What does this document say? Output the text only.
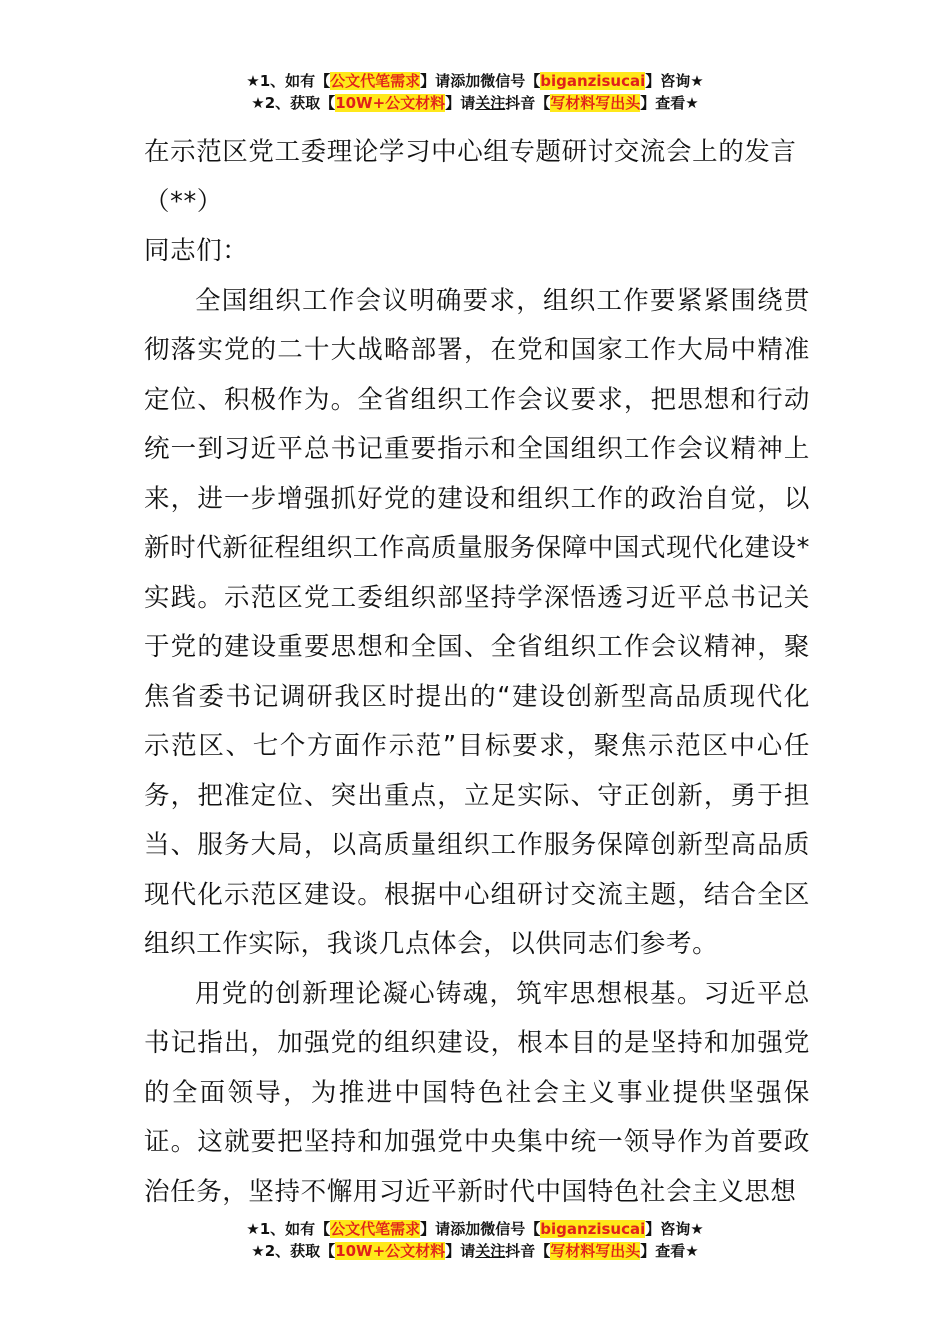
★1、如有【公文代笔需求】请添加微信号【biganzisucai】咨询★
★2、获取【10W+公文材料】请关注抖音【写材料写出头】查看★

在示范区党工委理论学习中心组专题研讨交流会上的发言

（**）

同志们：

全国组织工作会议明确要求，组织工作要紧紧围绕贯彻落实党的二十大战略部署，在党和国家工作大局中精准定位、积极作为。全省组织工作会议要求，把思想和行动统一到习近平总书记重要指示和全国组织工作会议精神上来，进一步增强抓好党的建设和组织工作的政治自觉，以新时代新征程组织工作高质量服务保障中国式现代化建设*实践。示范区党工委组织部坚持学深悟透习近平总书记关于党的建设重要思想和全国、全省组织工作会议精神，聚焦省委书记调研我区时提出的“建设创新型高品质现代化示范区、七个方面作示范”目标要求，聚焦示范区中心任务，把准定位、突出重点，立足实际、守正创新，勇于担当、服务大局，以高质量组织工作服务保障创新型高品质现代化示范区建设。根据中心组研讨交流主题，结合全区组织工作实际，我谈几点体会，以供同志们参考。

用党的创新理论凝心铸魂，筑牢思想根基。习近平总书记指出，加强党的组织建设，根本目的是坚持和加强党的全面领导，为推进中国特色社会主义事业提供坚强保证。这就要把坚持和加强党中央集中统一领导作为首要政治任务，坚持不懈用习近平新时代中国特色社会主义思想

★1、如有【公文代笔需求】请添加微信号【biganzisucai】咨询★
★2、获取【10W+公文材料】请关注抖音【写材料写出头】查看★
